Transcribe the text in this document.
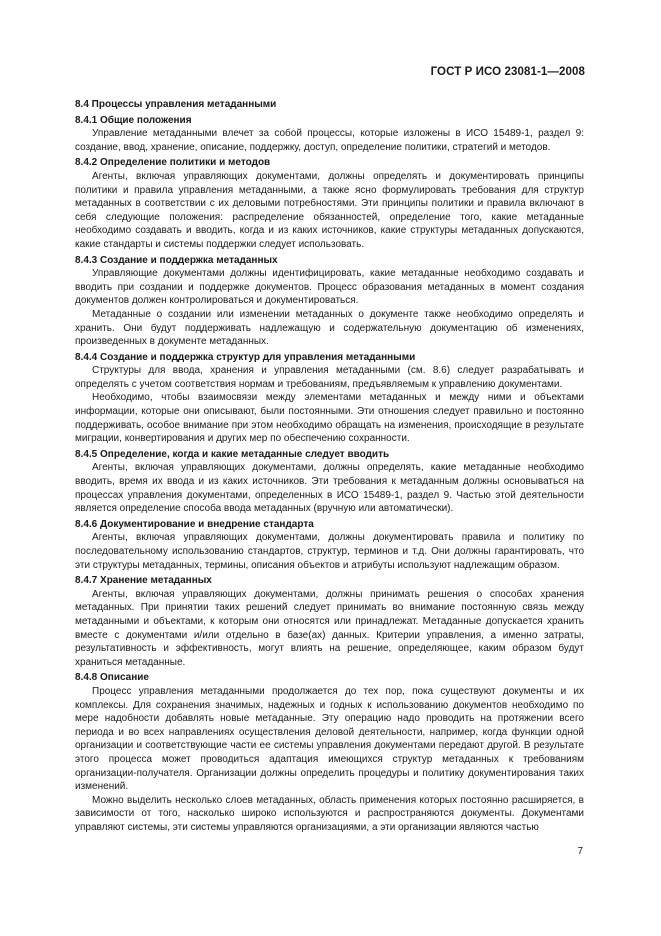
ГОСТ Р ИСО 23081-1—2008
8.4 Процессы управления метаданными
8.4.1 Общие положения

Управление метаданными влечет за собой процессы, которые изложены в ИСО 15489-1, раздел 9: создание, ввод, хранение, описание, поддержку, доступ, определение политики, стратегий и методов.

8.4.2 Определение политики и методов

Агенты, включая управляющих документами, должны определять и документировать принципы политики и правила управления метаданными, а также ясно формулировать требования для структур метаданных в соответствии с их деловыми потребностями. Эти принципы политики и правила включают в себя следующие положения: распределение обязанностей, определение того, какие метаданные необходимо создавать и вводить, когда и из каких источников, какие структуры метаданных допускаются, какие стандарты и системы поддержки следует использовать.

8.4.3 Создание и поддержка метаданных

Управляющие документами должны идентифицировать, какие метаданные необходимо создавать и вводить при создании и поддержке документов. Процесс образования метаданных в момент создания документов должен контролироваться и документироваться.

Метаданные о создании или изменении метаданных о документе также необходимо определять и хранить. Они будут поддерживать надлежащую и содержательную документацию об изменениях, произведенных в документе метаданных.

8.4.4 Создание и поддержка структур для управления метаданными

Структуры для ввода, хранения и управления метаданными (см. 8.6) следует разрабатывать и определять с учетом соответствия нормам и требованиям, предъявляемым к управлению документами.

Необходимо, чтобы взаимосвязи между элементами метаданных и между ними и объектами информации, которые они описывают, были постоянными. Эти отношения следует правильно и постоянно поддерживать, особое внимание при этом необходимо обращать на изменения, происходящие в результате миграции, конвертирования и других мер по обеспечению сохранности.

8.4.5 Определение, когда и какие метаданные следует вводить

Агенты, включая управляющих документами, должны определять, какие метаданные необходимо вводить, время их ввода и из каких источников. Эти требования к метаданным должны основываться на процессах управления документами, определенных в ИСО 15489-1, раздел 9. Частью этой деятельности является определение способа ввода метаданных (вручную или автоматически).

8.4.6 Документирование и внедрение стандарта

Агенты, включая управляющих документами, должны документировать правила и политику по последовательному использованию стандартов, структур, терминов и т.д. Они должны гарантировать, что эти структуры метаданных, термины, описания объектов и атрибуты используют надлежащим образом.

8.4.7 Хранение метаданных

Агенты, включая управляющих документами, должны принимать решения о способах хранения метаданных. При принятии таких решений следует принимать во внимание постоянную связь между метаданными и объектами, к которым они относятся или принадлежат. Метаданные допускается хранить вместе с документами и/или отдельно в базе(ах) данных. Критерии управления, а именно затраты, результативность и эффективность, могут влиять на решение, определяющее, каким образом будут храниться метаданные.

8.4.8 Описание

Процесс управления метаданными продолжается до тех пор, пока существуют документы и их комплексы. Для сохранения значимых, надежных и годных к использованию документов необходимо по мере надобности добавлять новые метаданные. Эту операцию надо проводить на протяжении всего периода и во всех направлениях осуществления деловой деятельности, например, когда функции одной организации и соответствующие части ее системы управления документами передают другой. В результате этого процесса может проводиться адаптация имеющихся структур метаданных к требованиям организации-получателя. Организации должны определить процедуры и политику документирования таких изменений.

Можно выделить несколько слоев метаданных, область применения которых постоянно расширяется, в зависимости от того, насколько широко используются и распространяются документы. Документами управляют системы, эти системы управляются организациями, а эти организации являются частью

7
